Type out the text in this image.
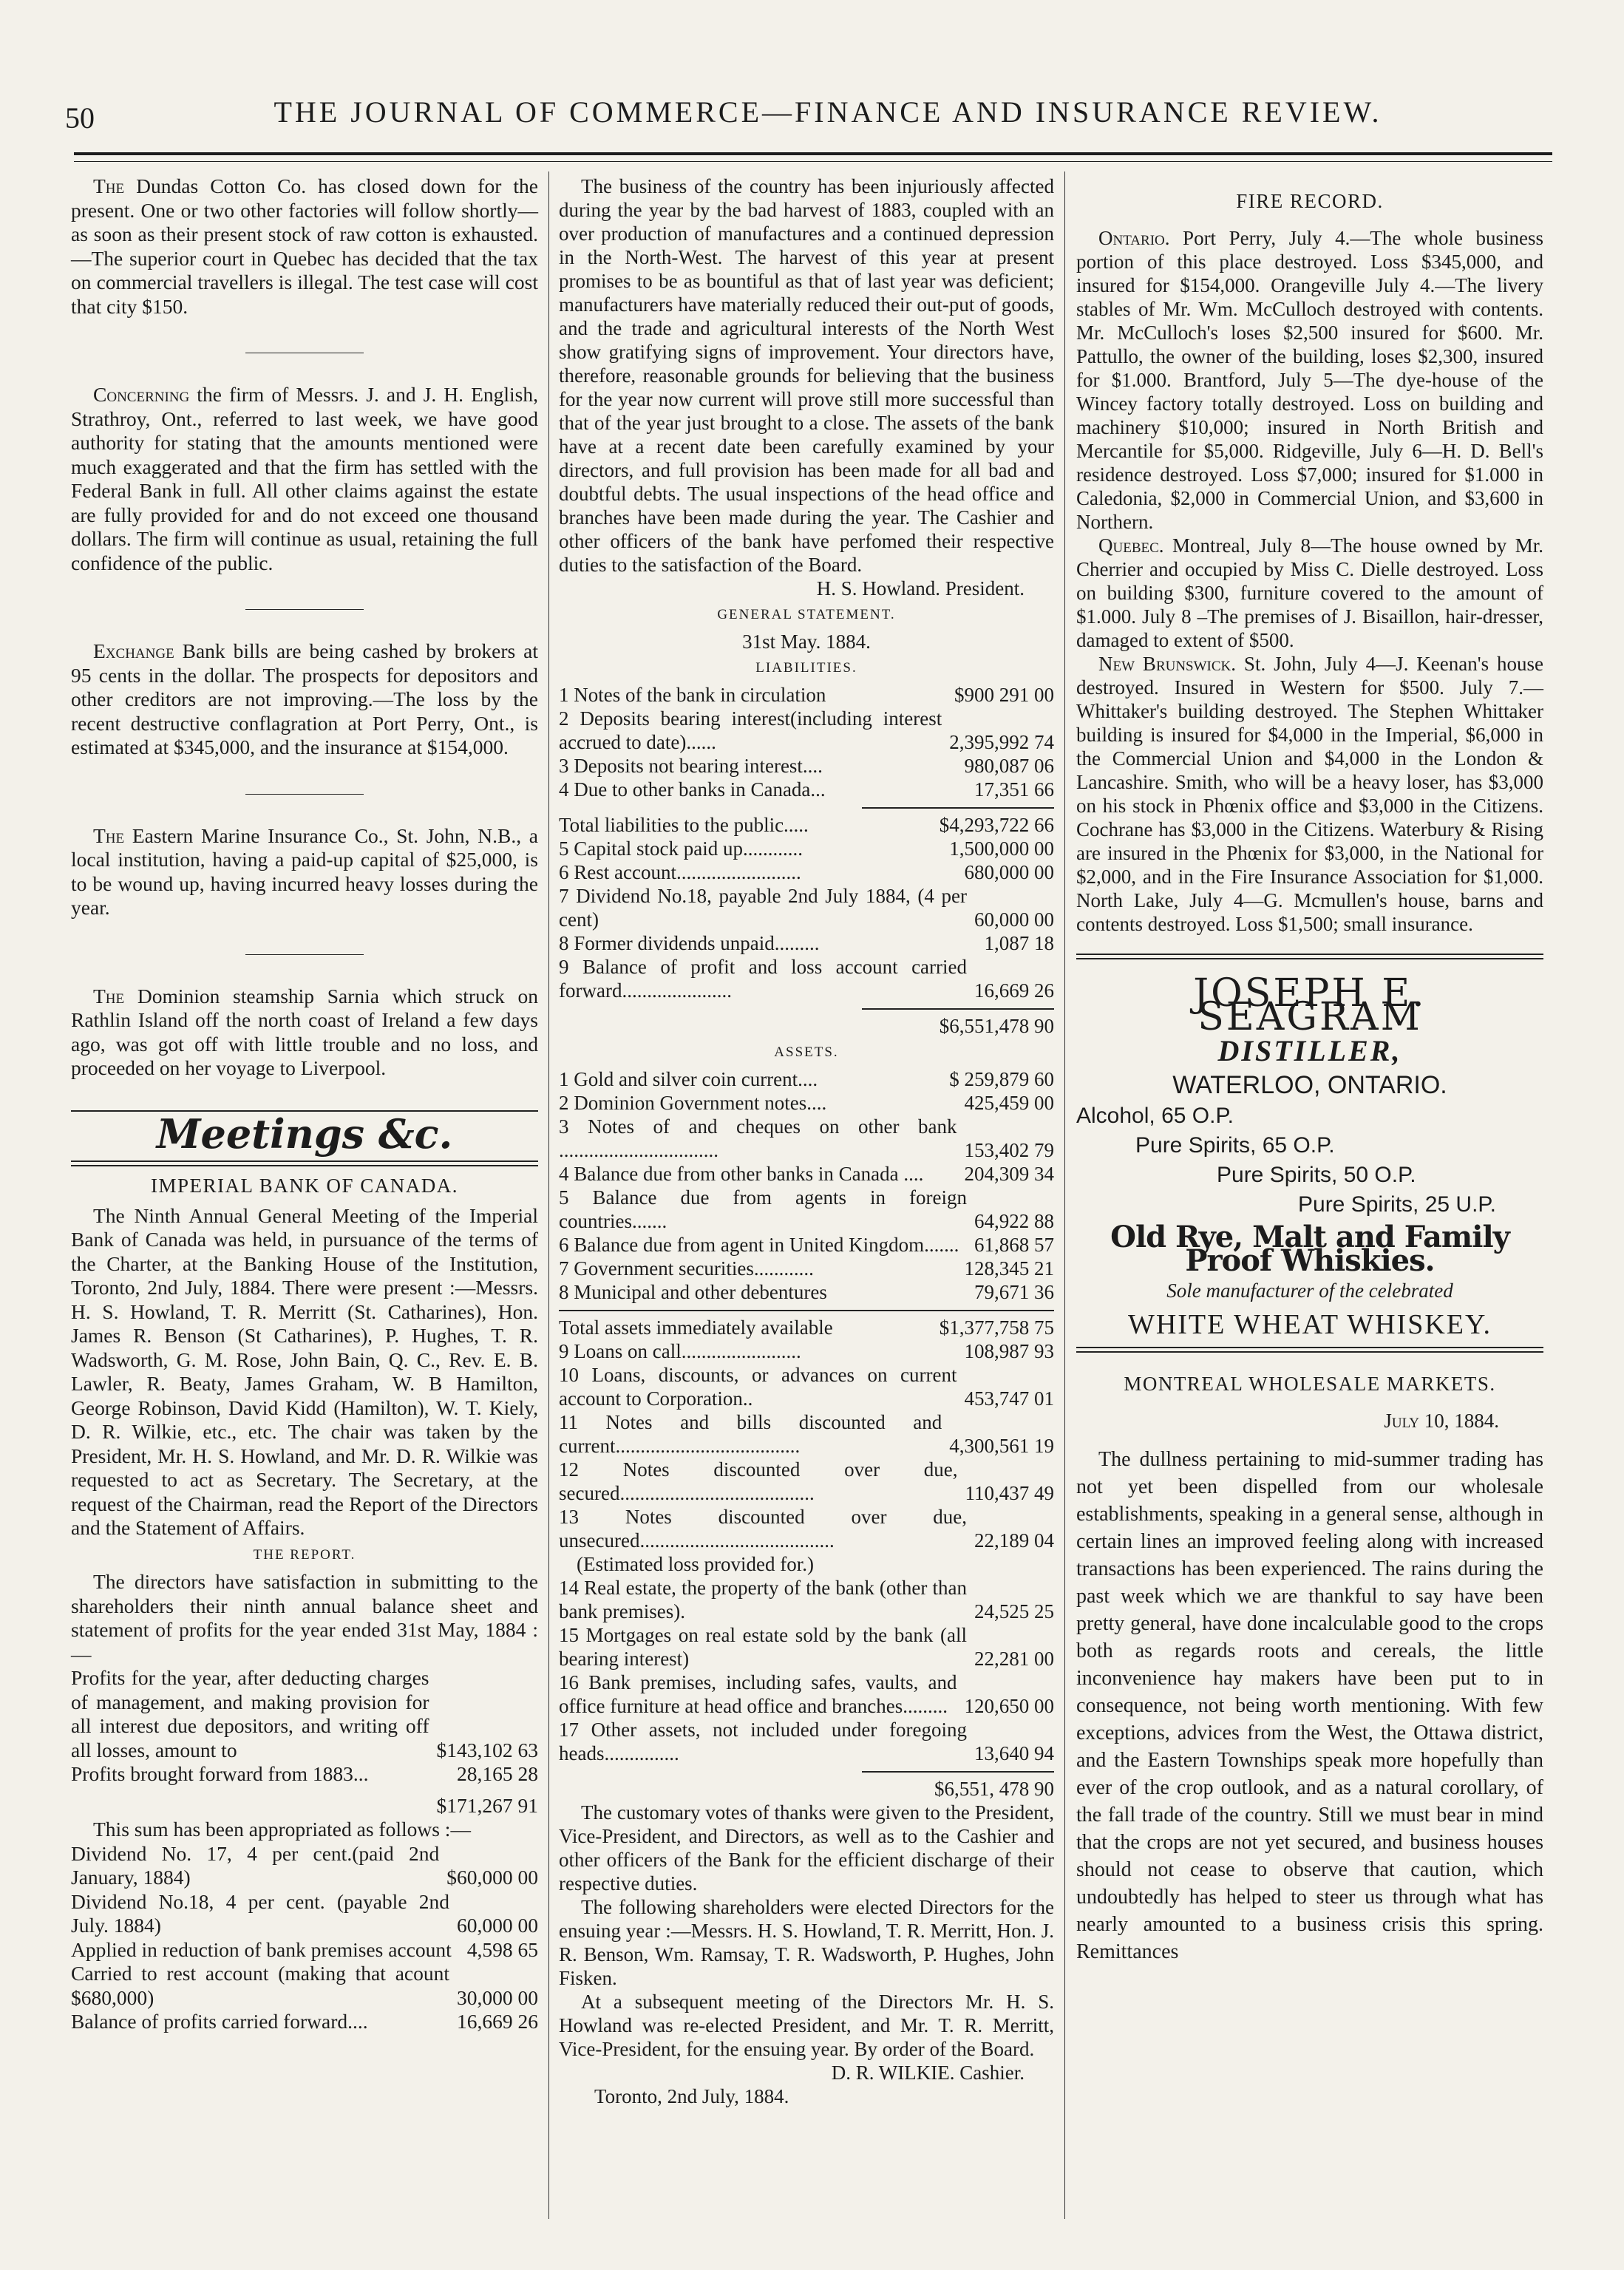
50	THE JOURNAL OF COMMERCE—FINANCE AND INSURANCE REVIEW.

The Dundas Cotton Co. has closed down for the present. One or two other factories will follow shortly—as soon as their present stock of raw cotton is exhausted.—The superior court in Quebec has decided that the tax on commercial travellers is illegal. The test case will cost that city $150.

Concerning the firm of Messrs. J. and J. H. English, Strathroy, Ont., referred to last week, we have good authority for stating that the amounts mentioned were much exaggerated and that the firm has settled with the Federal Bank in full. All other claims against the estate are fully provided for and do not exceed one thousand dollars. The firm will continue as usual, retaining the full confidence of the public.

Exchange Bank bills are being cashed by brokers at 95 cents in the dollar. The prospects for depositors and other creditors are not improving.—The loss by the recent destructive conflagration at Port Perry, Ont., is estimated at $345,000, and the insurance at $154,000.

The Eastern Marine Insurance Co., St. John, N.B., a local institution, having a paid-up capital of $25,000, is to be wound up, having incurred heavy losses during the year.

The Dominion steamship Sarnia which struck on Rathlin Island off the north coast of Ireland a few days ago, was got off with little trouble and no loss, and proceeded on her voyage to Liverpool.

Meetings &c.
IMPERIAL BANK OF CANADA.

The Ninth Annual General Meeting of the Imperial Bank of Canada was held, in pursuance of the terms of the Charter, at the Banking House of the Institution, Toronto, 2nd July, 1884. There were present :—Messrs. H. S. Howland, T. R. Merritt (St. Catharines), Hon. James R. Benson (St Catharines), P. Hughes, T. R. Wadsworth, G. M. Rose, John Bain, Q. C., Rev. E. B. Lawler, R. Beaty, James Graham, W. B Hamilton, George Robinson, David Kidd (Hamilton), W. T. Kiely, D. R. Wilkie, etc., etc. The chair was taken by the President, Mr. H. S. Howland, and Mr. D. R. Wilkie was requested to act as Secretary. The Secretary, at the request of the Chairman, read the Report of the Directors and the Statement of Affairs.

THE REPORT.

The directors have satisfaction in submitting to the shareholders their ninth annual balance sheet and statement of profits for the year ended 31st May, 1884 :—

Profits for the year, after deducting charges of management, and making provision for all interest due depositors, and writing off all losses, amount to	$143,102 63
Profits brought forward from 1883...	28,165 28
$171,267 91

This sum has been appropriated as follows :—

Dividend No. 17, 4 per cent.(paid 2nd January, 1884)	$60,000 00
Dividend No.18, 4 per cent. (payable 2nd July. 1884)	60,000 00
Applied in reduction of bank premises account 4,598 65
Carried to rest account (making that acount $680,000)	30,000 00
Balance of profits carried forward....	16,669 26

The business of the country has been injuriously affected during the year by the bad harvest of 1883, coupled with an over production of manufactures and a continued depression in the North-West. The harvest of this year at present promises to be as bountiful as that of last year was deficient; manufacturers have materially reduced their out-put of goods, and the trade and agricultural interests of the North West show gratifying signs of improvement. Your directors have, therefore, reasonable grounds for believing that the business for the year now current will prove still more successful than that of the year just brought to a close. The assets of the bank have at a recent date been carefully examined by your directors, and full provision has been made for all bad and doubtful debts. The usual inspections of the head office and branches have been made during the year. The Cashier and other officers of the bank have perfomed their respective duties to the satisfaction of the Board.

H. S. Howland. President.
GENERAL STATEMENT.
31st May. 1884.
LIABILITIES.
1 Notes of the bank in circulation	$900 291 00
2 Deposits bearing interest(including interest accrued to date)......	2,395,992 74
3 Deposits not bearing interest....	980,087 06
4 Due to other banks in Canada...	17,351 66
Total liabilities to the public.....	$4,293,722 66
5 Capital stock paid up............	1,500,000 00
6 Rest account.........................	680,000 00
7 Dividend No.18, payable 2nd July 1884, (4 per cent)	60,000 00
8 Former dividends unpaid.........	1,087 18
9 Balance of profit and loss account carried forward......................	16,669 26
$6,551,478 90
ASSETS.
1 Gold and silver coin current....	$ 259,879 60
2 Dominion Government notes....	425,459 00
3 Notes of and cheques on other bank ................................	153,402 79
4 Balance due from other banks in Canada ....	204,309 34
5 Balance due from agents in foreign countries.......	64,922 88
6 Balance due from agent in United Kingdom....... 61,868 57
7 Government securities............	128,345 21
8 Municipal and other debentures	79,671 36
Total assets immediately available	$1,377,758 75
9 Loans on call........................	108,987 93
10 Loans, discounts, or advances on current account to Corporation..	453,747 01
11 Notes and bills discounted and current.....................................	4,300,561 19
12 Notes discounted over due, secured.......................................	110,437 49
13 Notes discounted over due, unsecured.......................................	22,189 04
(Estimated loss provided for.)
14 Real estate, the property of the bank (other than bank premises).	24,525 25
15 Mortgages on real estate sold by the bank (all bearing interest)	22,281 00
16 Bank premises, including safes, vaults, and office furniture at head office and branches......... 120,650 00
17 Other assets, not included under foregoing heads...............	13,640 94
$6,551, 478 90

The customary votes of thanks were given to the President, Vice-President, and Directors, as well as to the Cashier and other officers of the Bank for the efficient discharge of their respective duties.

The following shareholders were elected Directors for the ensuing year :—Messrs. H. S. Howland, T. R. Merritt, Hon. J. R. Benson, Wm. Ramsay, T. R. Wadsworth, P. Hughes, John Fisken.

At a subsequent meeting of the Directors Mr. H. S. Howland was re-elected President, and Mr. T. R. Merritt, Vice-President, for the ensuing year. By order of the Board.

D. R. WILKIE. Cashier.
Toronto, 2nd July, 1884.
FIRE RECORD.

Ontario. Port Perry, July 4.—The whole business portion of this place destroyed. Loss $345,000, and insured for $154,000. Orangeville July 4.—The livery stables of Mr. Wm. McCulloch destroyed with contents. Mr. McCulloch's loses $2,500 insured for $600. Mr. Pattullo, the owner of the building, loses $2,300, insured for $1.000. Brantford, July 5—The dye-house of the Wincey factory totally destroyed. Loss on building and machinery $10,000; insured in North British and Mercantile for $5,000. Ridgeville, July 6—H. D. Bell's residence destroyed. Loss $7,000; insured for $1.000 in Caledonia, $2,000 in Commercial Union, and $3,600 in Northern.

Quebec. Montreal, July 8—The house owned by Mr. Cherrier and occupied by Miss C. Dielle destroyed. Loss on building $300, furniture covered to the amount of $1.000. July 8 –The premises of J. Bisaillon, hair-dresser, damaged to extent of $500.

New Brunswick. St. John, July 4—J. Keenan's house destroyed. Insured in Western for $500. July 7.—Whittaker's building destroyed. The Stephen Whittaker building is insured for $4,000 in the Imperial, $6,000 in the Commercial Union and $4,000 in the London & Lancashire. Smith, who will be a heavy loser, has $3,000 on his stock in Phœnix office and $3,000 in the Citizens. Cochrane has $3,000 in the Citizens. Waterbury & Rising are insured in the Phœnix for $3,000, in the National for $2,000, and in the Fire Insurance Association for $1,000. North Lake, July 4—G. Mcmullen's house, barns and contents destroyed. Loss $1,500; small insurance.

JOSEPH E. SEAGRAM
DISTILLER,
WATERLOO, ONTARIO.
Alcohol, 65 O.P.
Pure Spirits, 65 O.P.
Pure Spirits, 50 O.P.
Pure Spirits, 25 U.P.
Old Rye, Malt and Family Proof Whiskies.
Sole manufacturer of the celebrated
WHITE WHEAT WHISKEY.
MONTREAL WHOLESALE MARKETS.
July 10, 1884.

The dullness pertaining to mid-summer trading has not yet been dispelled from our wholesale establishments, speaking in a general sense, although in certain lines an improved feeling along with increased transactions has been experienced. The rains during the past week which we are thankful to say have been pretty general, have done incalculable good to the crops both as regards roots and cereals, the little inconvenience hay makers have been put to in consequence, not being worth mentioning. With few exceptions, advices from the West, the Ottawa district, and the Eastern Townships speak more hopefully than ever of the crop outlook, and as a natural corollary, of the fall trade of the country. Still we must bear in mind that the crops are not yet secured, and business houses should not cease to observe that caution, which undoubtedly has helped to steer us through what has nearly amounted to a business crisis this spring. Remittances
